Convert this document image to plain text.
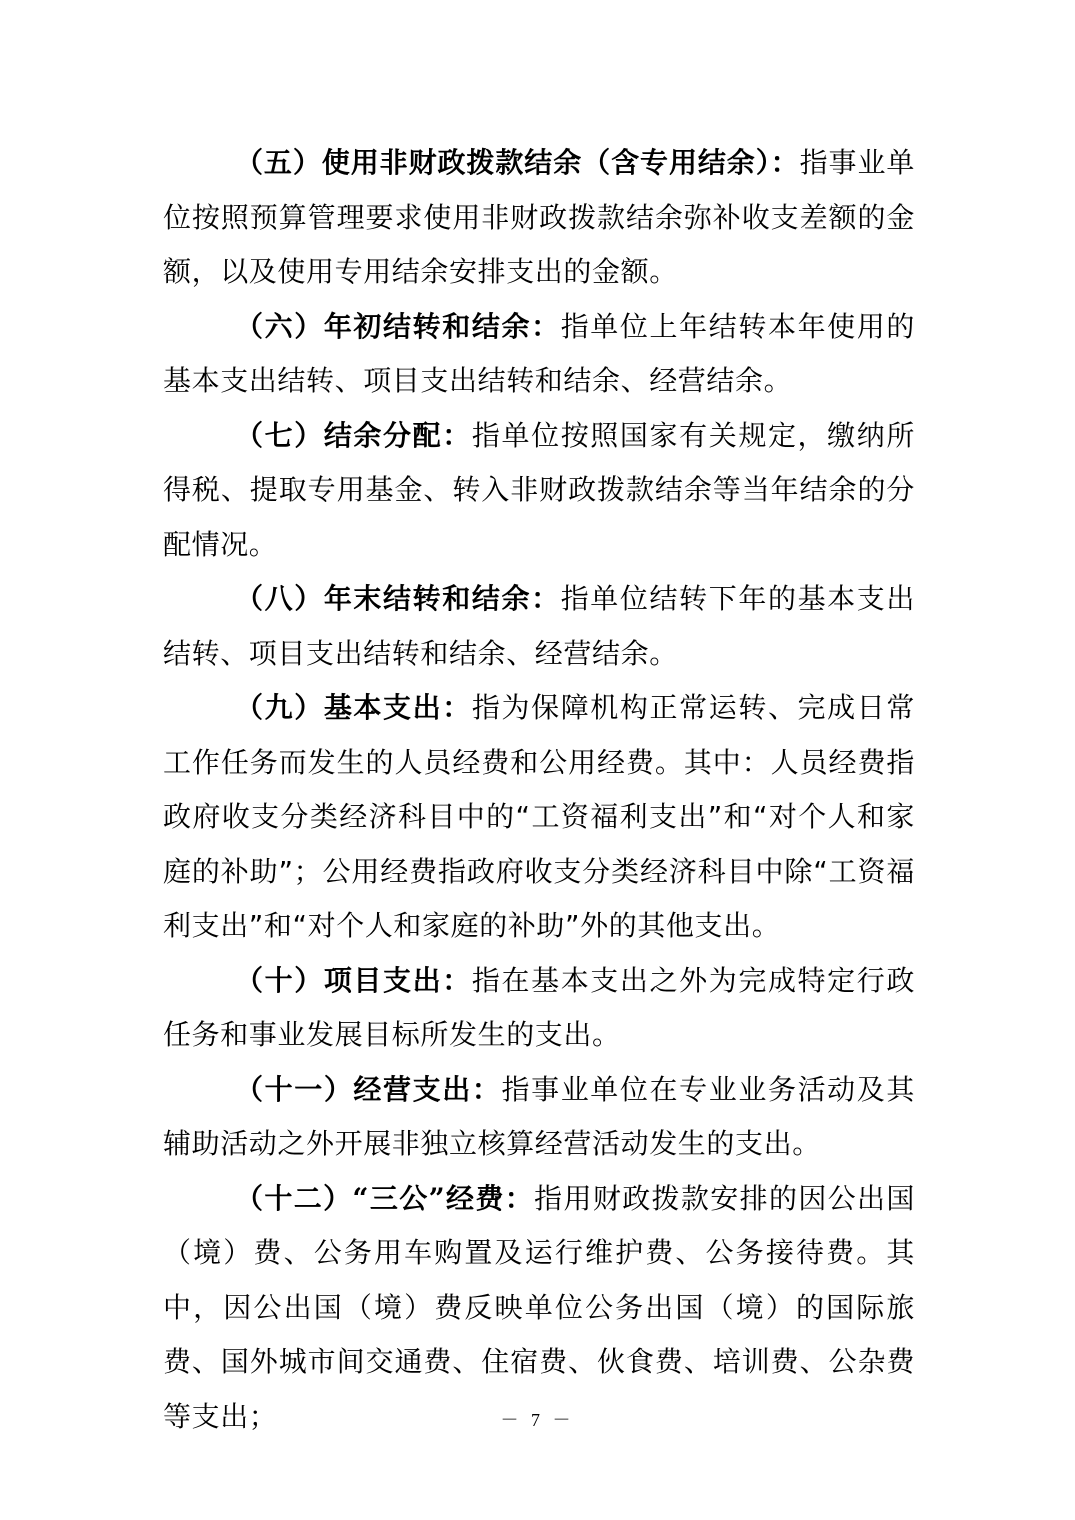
（五）使用非财政拨款结余（含专用结余）：指事业单位按照预算管理要求使用非财政拨款结余弥补收支差额的金额，以及使用专用结余安排支出的金额。

（六）年初结转和结余：指单位上年结转本年使用的基本支出结转、项目支出结转和结余、经营结余。

（七）结余分配：指单位按照国家有关规定，缴纳所得税、提取专用基金、转入非财政拨款结余等当年结余的分配情况。

（八）年末结转和结余：指单位结转下年的基本支出结转、项目支出结转和结余、经营结余。

（九）基本支出：指为保障机构正常运转、完成日常工作任务而发生的人员经费和公用经费。其中：人员经费指政府收支分类经济科目中的“工资福利支出”和“对个人和家庭的补助”；公用经费指政府收支分类经济科目中除“工资福利支出”和“对个人和家庭的补助”外的其他支出。

（十）项目支出：指在基本支出之外为完成特定行政任务和事业发展目标所发生的支出。

（十一）经营支出：指事业单位在专业业务活动及其辅助活动之外开展非独立核算经营活动发生的支出。

（十二）“三公”经费：指用财政拨款安排的因公出国（境）费、公务用车购置及运行维护费、公务接待费。其中，因公出国（境）费反映单位公务出国（境）的国际旅费、国外城市间交通费、住宿费、伙食费、培训费、公杂费等支出；	－ 7 －
